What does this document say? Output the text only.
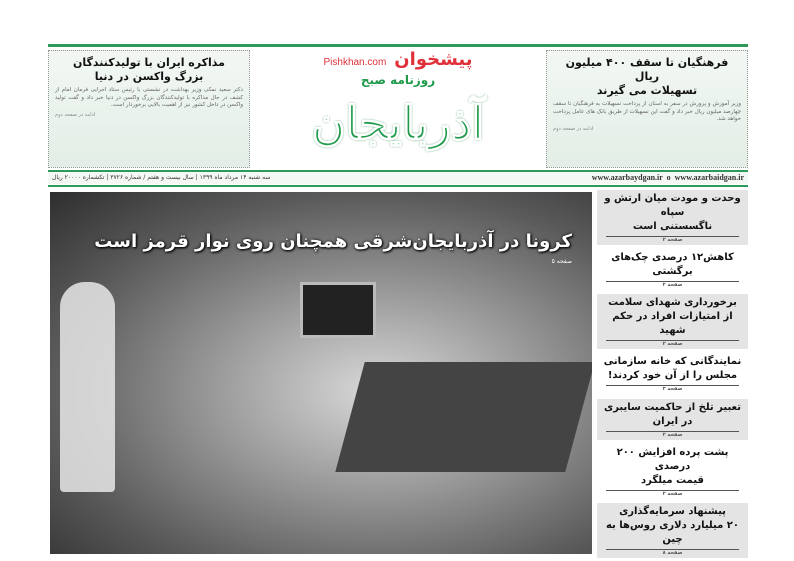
فرهنگیان تا سقف ۴۰۰ میلیون ریال
تسهیلات می گیرند

وزیر آموزش و پرورش در سفر به استان از پرداخت تسهیلات به فرهنگیان تا سقف چهارصد میلیون ریال خبر داد و گفت این تسهیلات از طریق بانک های عامل پرداخت خواهد شد.

ادامه در صفحه دوم
پیشخوان
Pishkhan.com
روزنامه صبح
آذربایجان
مذاکره ایران با تولیدکنندگان
بزرگ واکسن در دنیا

دکتر سعید نمکی وزیر بهداشت در نشستی با رئیس ستاد اجرایی فرمان امام از کشف در حال مذاکره با تولیدکنندگان بزرگ واکسن در دنیا خبر داد و گفت تولید واکسن در داخل کشور نیز از اهمیت بالایی برخوردار است.

ادامه در صفحه دوم
سه شنبه ۱۴ مرداد ماه ۱۳۹۹ | سال بیست و هفتم / شماره ۳۷۲۶ | تکشماره ۲۰۰۰۰ ریال	www.azarbaydgan.ir  o  www.azarbaidgan.ir
کرونا در آذربایجان‌شرقی همچنان روی نوار قرمز است
صفحه ۵
وحدت و مودت میان ارتش و سپاه
ناگسستنی است
صفحه ۲
کاهش۱۲ درصدی چک‌های برگشتی
صفحه ۲
برخورداری شهدای سلامت
از امتیازات افراد در حکم شهید
صفحه ۲
نمایندگانی که خانه سازمانی
مجلس را از آن خود کردند!
صفحه ۳
تعبیر تلخ از حاکمیت سایبری
در ایران
صفحه ۲
پشت پرده افزایش ۲۰۰ درصدی
قیمت میلگرد
صفحه ۲
پیشنهاد سرمایه‌گذاری
۲۰ میلیارد دلاری روس‌ها به چین
صفحه ۸
